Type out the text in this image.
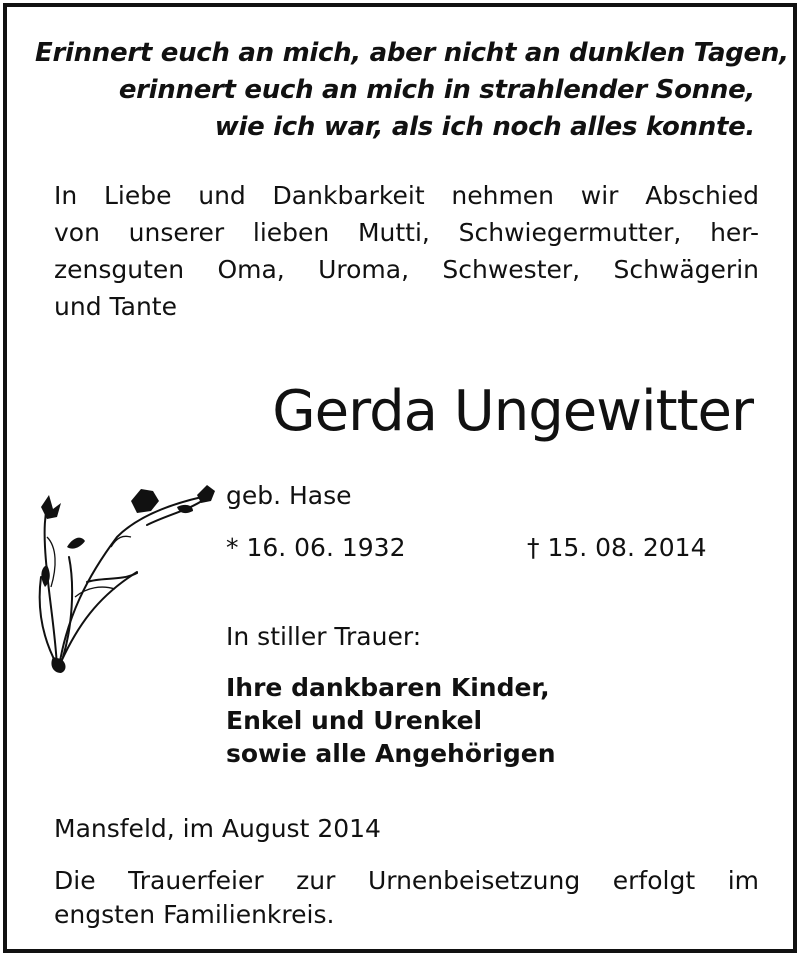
Erinnert euch an mich, aber nicht an dunklen Tagen,
erinnert euch an mich in strahlender Sonne,
wie ich war, als ich noch alles konnte.
In Liebe und Dankbarkeit nehmen wir Abschied
von unserer lieben Mutti, Schwiegermutter, her-
zensguten Oma, Uroma, Schwester, Schwägerin
und Tante
Gerda Ungewitter
geb. Hase
* 16. 06. 1932	† 15. 08. 2014
In stiller Trauer:
Ihre dankbaren Kinder,
Enkel und Urenkel
sowie alle Angehörigen
Mansfeld, im August 2014
Die Trauerfeier zur Urnenbeisetzung erfolgt im
engsten Familienkreis.
